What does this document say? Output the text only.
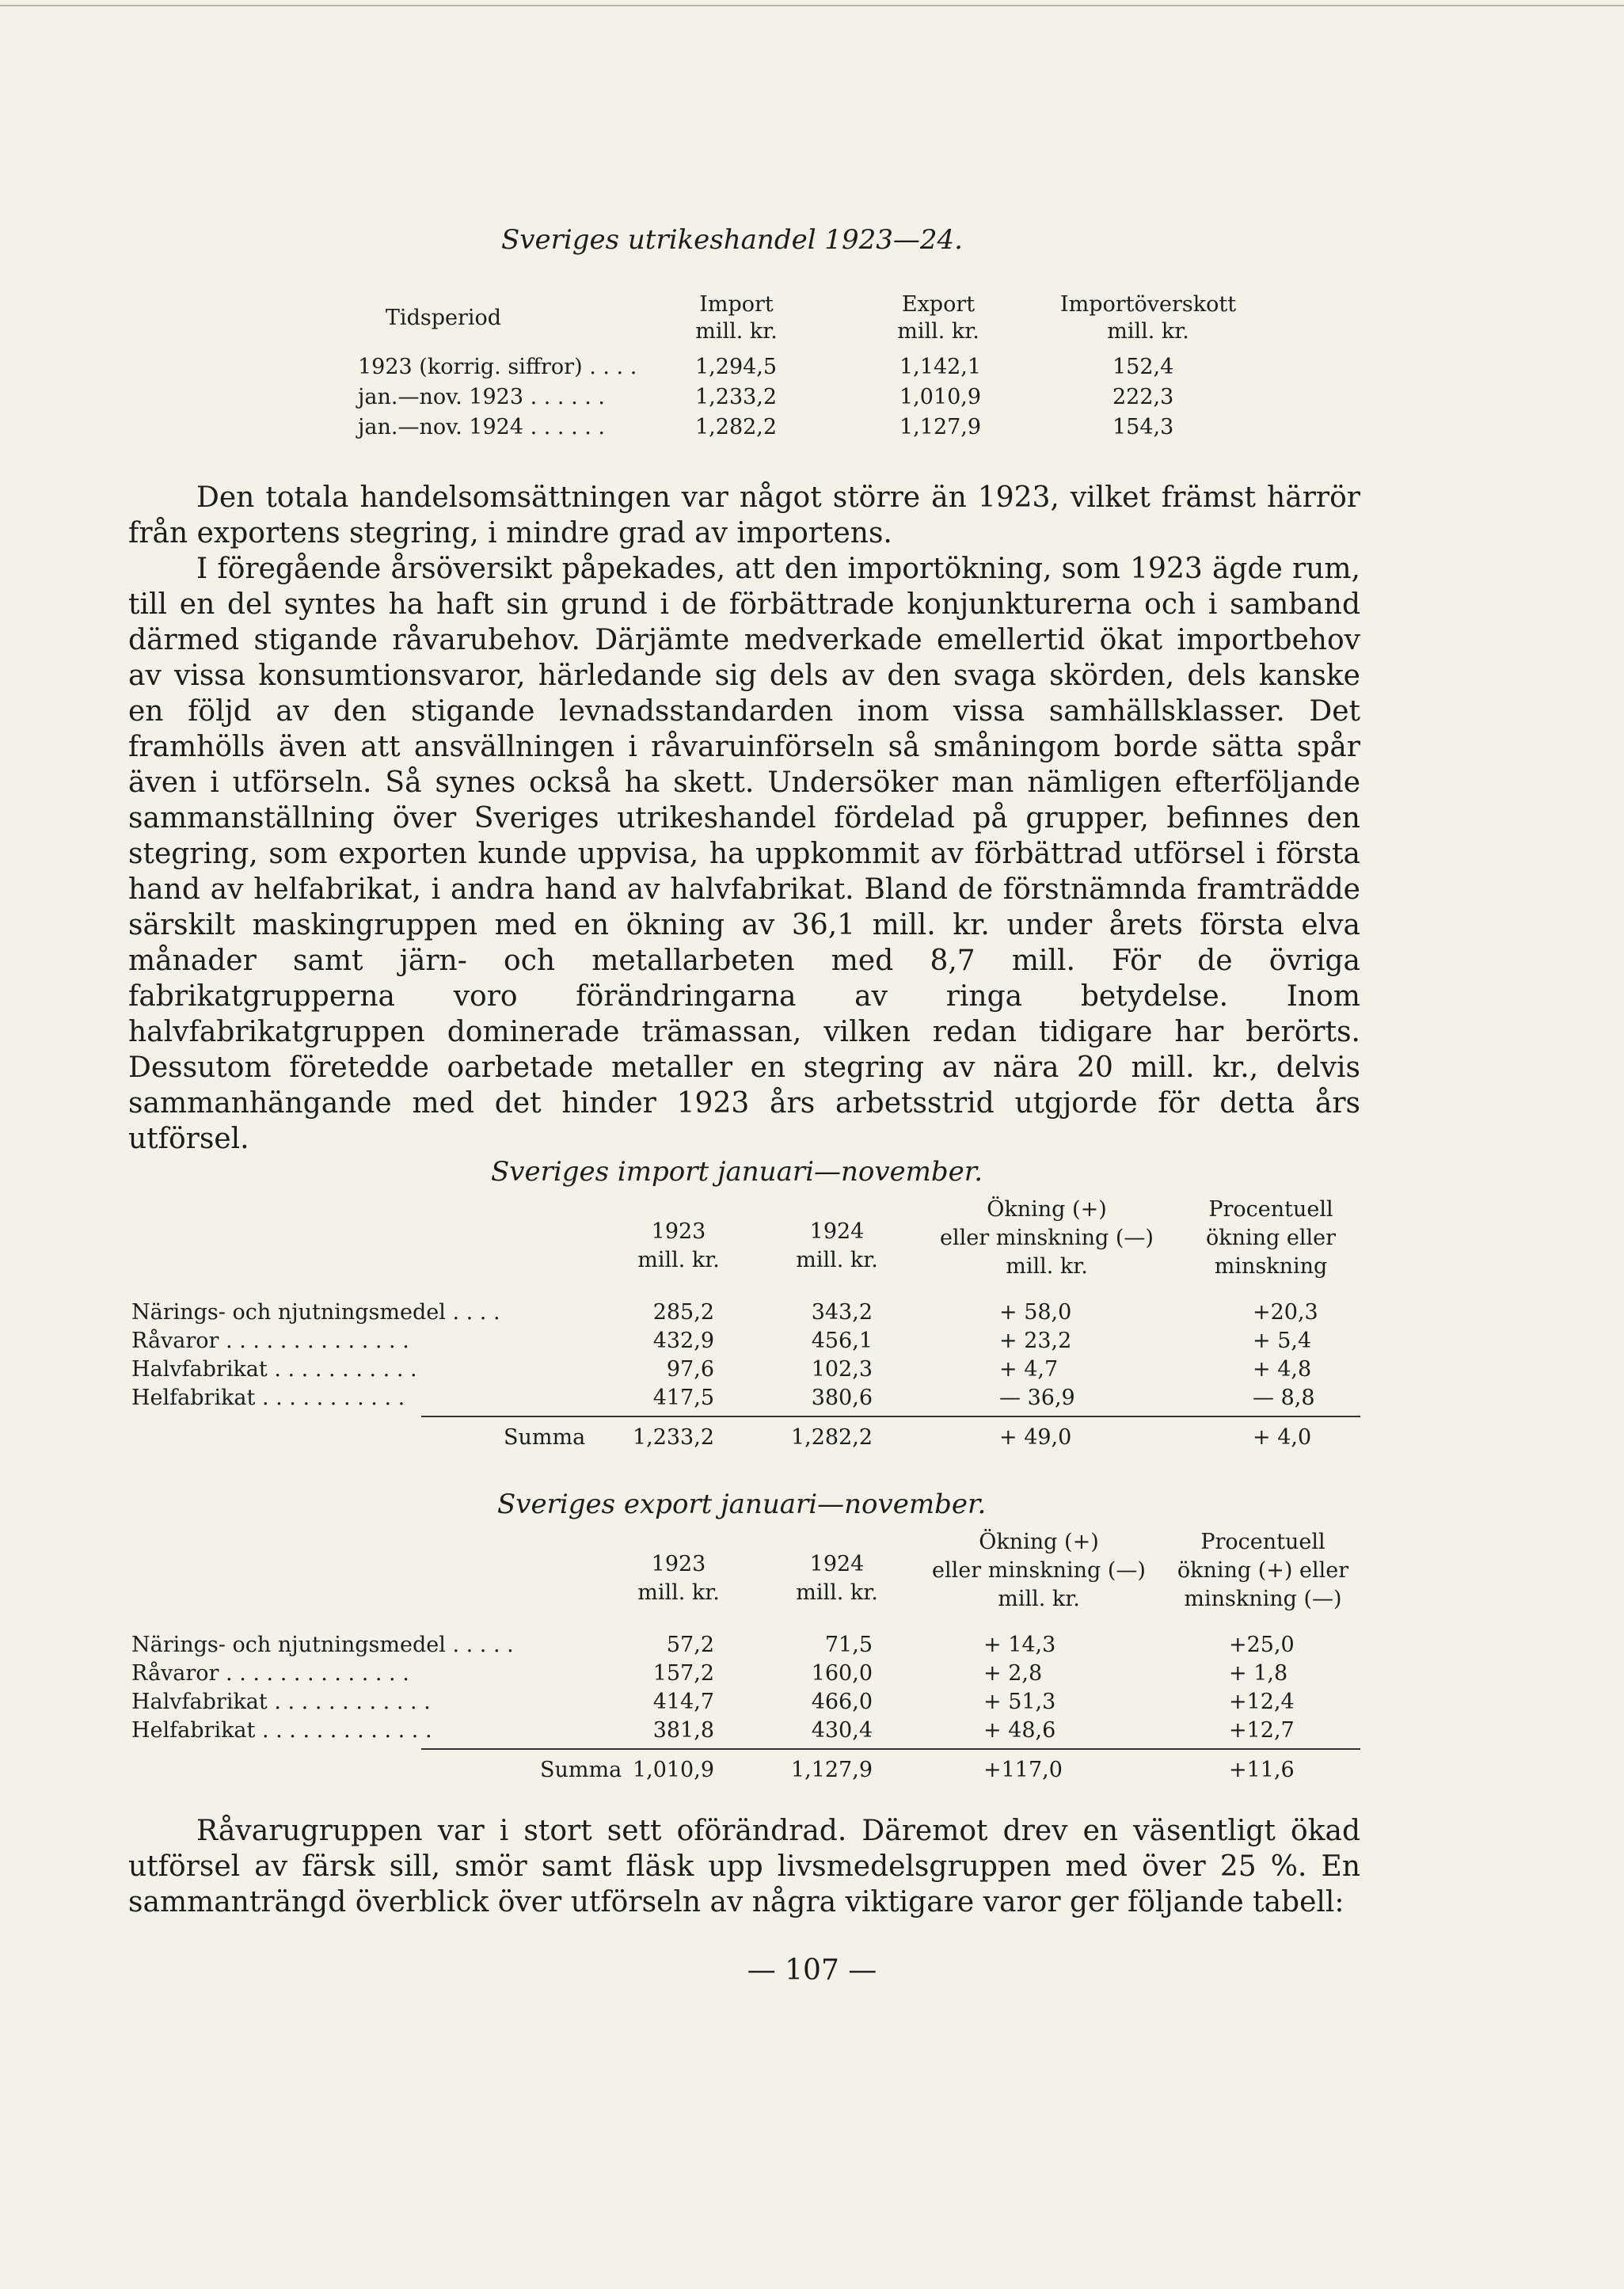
Sveriges utrikeshandel 1923—24.
Tidsperiod
Import
mill. kr.
Export
mill. kr.
Importöverskott
mill. kr.
1923 (korrig. siffror) . . . .	1,294,5	1,142,1	152,4
jan.—nov. 1923 . . . . . .	1,233,2	1,010,9	222,3
jan.—nov. 1924 . . . . . .	1,282,2	1,127,9	154,3

Den totala handelsomsättningen var något större än 1923, vilket främst härrör från exportens stegring, i mindre grad av importens.

I föregående årsöversikt påpekades, att den importökning, som 1923 ägde rum, till en del syntes ha haft sin grund i de förbättrade konjunkturerna och i samband därmed stigande råvarubehov. Därjämte medverkade emellertid ökat importbehov av vissa konsumtionsvaror, härledande sig dels av den svaga skörden, dels kanske en följd av den stigande levnadsstandarden inom vissa samhällsklasser. Det framhölls även att ansvällningen i råvaruinförseln så småningom borde sätta spår även i utförseln. Så synes också ha skett. Undersöker man nämligen efterföljande sammanställning över Sveriges utrikeshandel fördelad på grupper, befinnes den stegring, som exporten kunde uppvisa, ha uppkommit av förbättrad utförsel i första hand av helfabrikat, i andra hand av halvfabrikat. Bland de förstnämnda framträdde särskilt maskingruppen med en ökning av 36,1 mill. kr. under årets första elva månader samt järn- och metallarbeten med 8,7 mill. För de övriga fabrikatgrupperna voro förändringarna av ringa betydelse. Inom halvfabrikatgruppen dominerade trämassan, vilken redan tidigare har berörts. Dessutom företedde oarbetade metaller en stegring av nära 20 mill. kr., delvis sammanhängande med det hinder 1923 års arbetsstrid utgjorde för detta års utförsel.

Sveriges import januari—november.
1923
mill. kr.
1924
mill. kr.
Ökning (+)
eller minskning (—)
mill. kr.
Procentuell
ökning eller
minskning
Närings- och njutningsmedel . . . .	285,2	343,2	+ 58,0	+20,3
Råvaror . . . . . . . . . . . . . .	432,9	456,1	+ 23,2	+ 5,4
Halvfabrikat . . . . . . . . . . .	97,6	102,3	+ 4,7	+ 4,8
Helfabrikat . . . . . . . . . . .	417,5	380,6	— 36,9	— 8,8
Summa	1,233,2	1,282,2	+ 49,0	+ 4,0
Sveriges export januari—november.
1923
mill. kr.
1924
mill. kr.
Ökning (+)
eller minskning (—)
mill. kr.
Procentuell
ökning (+) eller
minskning (—)
Närings- och njutningsmedel . . . . .	57,2	71,5	+ 14,3	+25,0
Råvaror . . . . . . . . . . . . . .	157,2	160,0	+ 2,8	+ 1,8
Halvfabrikat . . . . . . . . . . . .	414,7	466,0	+ 51,3	+12,4
Helfabrikat . . . . . . . . . . . . .	381,8	430,4	+ 48,6	+12,7
Summa 1,010,9	1,127,9	+117,0	+11,6

Råvarugruppen var i stort sett oförändrad. Däremot drev en väsentligt ökad utförsel av färsk sill, smör samt fläsk upp livsmedelsgruppen med över 25 %. En sammanträngd överblick över utförseln av några viktigare varor ger följande tabell:

— 107 —
